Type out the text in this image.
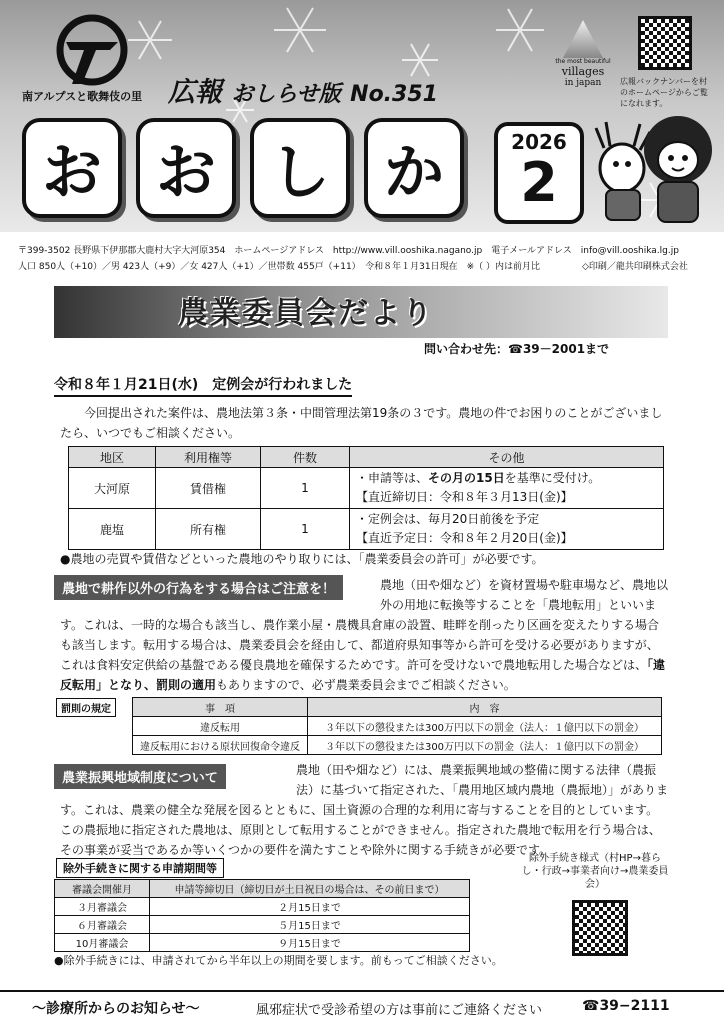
南アルプスと歌舞伎の里 広報 おしらせ版 No.351
the most beautiful
villages
in japan	広報バックナンバーを村のホームページからご覧になれます。
お お し か	2026
2
〒399-3502 長野県下伊那郡大鹿村大字大河原354　ホームページアドレス　http://www.vill.ooshika.nagano.jp　電子メールアドレス　info@vill.ooshika.lg.jp
人口 850人（+10）／男 423人（+9）／女 427人（+1）／世帯数 455戸（+11）　令和８年１月31日現在　※（ ）内は前月比	◇印刷／龍共印刷株式会社
農業委員会だより
問い合わせ先：☎39－2001まで
令和８年１月21日(水)　定例会が行われました
今回提出された案件は、農地法第３条・中間管理法第19条の３です。農地の件でお困りのことがございましたら、いつでもご相談ください。
地区	利用権等	件数	その他
大河原	賃借権	1	・申請等は、その月の15日を基準に受付け。
【直近締切日：令和８年３月13日(金)】
鹿塩	所有権	1	・定例会は、毎月20日前後を予定
【直近予定日：令和８年２月20日(金)】
●農地の売買や賃借などといった農地のやり取りには、「農業委員会の許可」が必要です。
農地で耕作以外の行為をする場合はご注意を！	農地（田や畑など）を資材置場や駐車場など、農地以外の用地に転換等することを「農地転用」といいます。これは、一時的な場合も該当し、農作業小屋・農機具倉庫の設置、畦畔を削ったり区画を変えたりする場合も該当します。転用する場合は、農業委員会を経由して、都道府県知事等から許可を受ける必要がありますが、これは食料安定供給の基盤である優良農地を確保するためです。許可を受けないで農地転用した場合などは、「違反転用」となり、罰則の適用もありますので、必ず農業委員会までご相談ください。
罰則の規定	事　項	内　容
違反転用	３年以下の懲役または300万円以下の罰金（法人：１億円以下の罰金）
違反転用における原状回復命令違反	３年以下の懲役または300万円以下の罰金（法人：１億円以下の罰金）
農業振興地域制度について
農地（田や畑など）には、農業振興地域の整備に関する法律（農振法）に基づいて指定された、「農用地区域内農地（農振地）」があります。これは、農業の健全な発展を図るとともに、国土資源の合理的な利用に寄与することを目的としています。この農振地に指定された農地は、原則として転用することができません。指定された農地で転用を行う場合は、その事業が妥当であるか等いくつかの要件を満たすことや除外に関する手続きが必要です。
除外手続きに関する申請期間等
審議会開催月	申請等締切日（締切日が土日祝日の場合は、その前日まで）
３月審議会	２月15日まで
６月審議会	５月15日まで
10月審議会	９月15日まで
除外手続き様式（村HP→暮らし・行政→事業者向け→農業委員会）
●除外手続きには、申請されてから半年以上の期間を要します。前もってご相談ください。
～診療所からのお知らせ～	風邪症状で受診希望の方は事前にご連絡ください	☎39−2111
